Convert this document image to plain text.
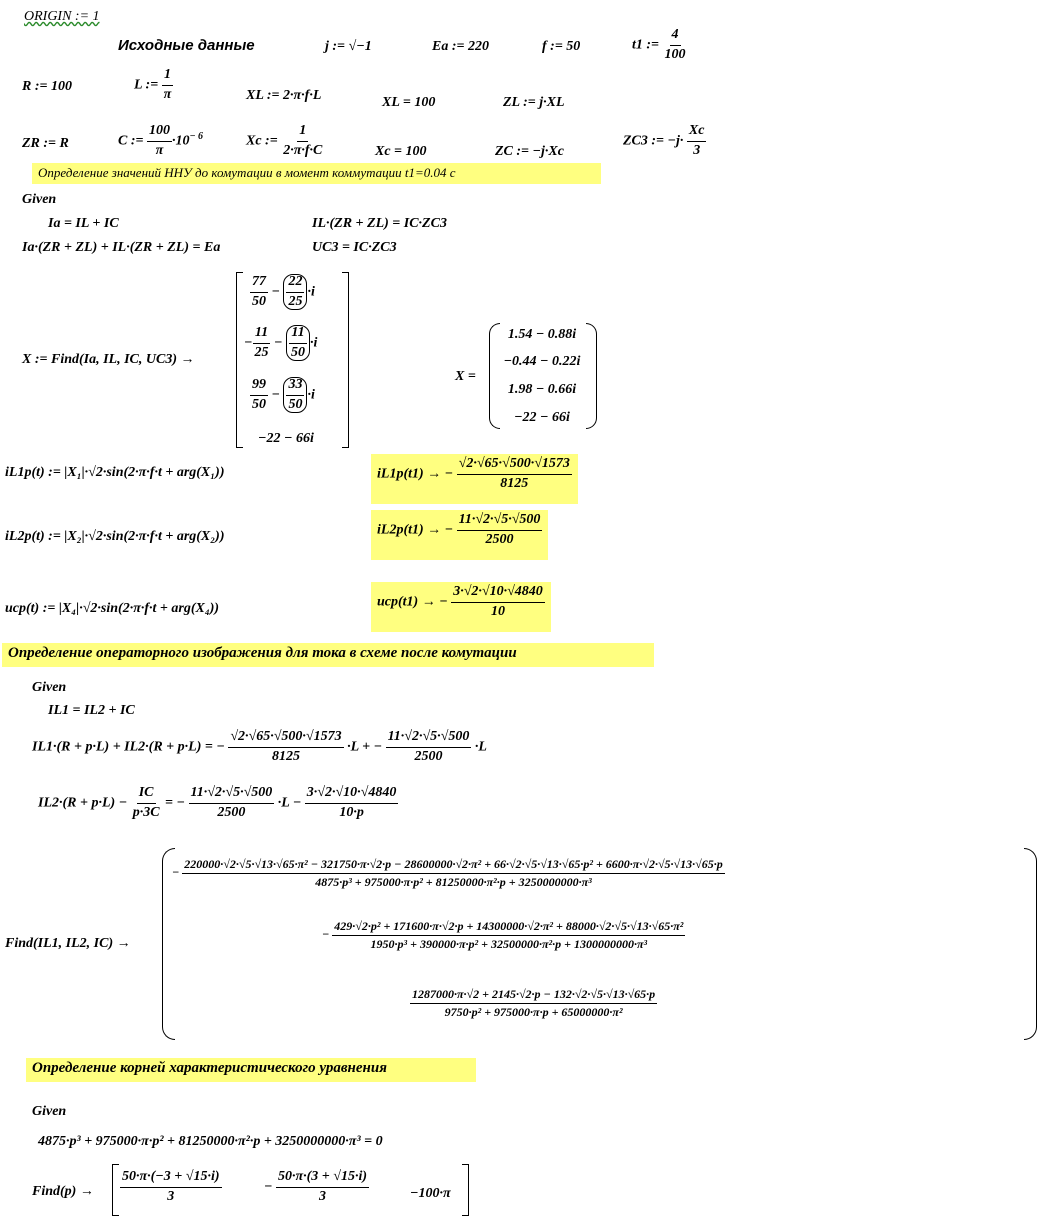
ORIGIN := 1
Исходные данные	j := √−1	Ea := 220	f := 50	t1 := $\frac{4}{100}$
R := 100	L := $\frac{1}{\pi}$	XL := 2·π·f·L	XL = 100	ZL := j·XL
ZR := R	C := $\frac{100}{\pi} \cdot 10^{- 6}$	Xc := $\frac{1}{2\cdot\pi\cdot f\cdot C}$	Xc = 100	ZC := −j·Xc
ZC3 := $-j\cdot \frac{Xc}{3}$
Определение значений ННУ до комутации в момент коммутации t1=0.04 с
Given
Ia = IL + IC	IL·(ZR + ZL) = IC·ZC3
Ia·(ZR + ZL) + IL·(ZR + ZL) = Ea	UC3 = IC·ZC3
X := Find(Ia, IL, IC, UC3) →
$\frac{77}{50} - \frac{22}{25} \cdot i$
− $\frac{11}{25} - \frac{11}{50} \cdot i$
$\frac{99}{50} - \frac{33}{50} \cdot i$
−22 − 66i
X =
1.54 − 0.88i
−0.44 − 0.22i
1.98 − 0.66i
−22 − 66i
iL1p(t) := |X₁|·√2·sin(2·π·f·t + arg(X₁))	iL1p(t1) → − $\frac{√2\cdot√65\cdot√500\cdot√1573}{8125}$
iL2p(t) := |X₂|·√2·sin(2·π·f·t + arg(X₂))	iL2p(t1) → − $\frac{11\cdot√2\cdot√5\cdot√500}{2500}$
ucp(t) := |X₄|·√2·sin(2·π·f·t + arg(X₄))	ucp(t1) → − $\frac{3\cdot√2\cdot√10\cdot√4840}{10}$
Определение операторного изображения для тока в схеме после комутации
Given
IL1 = IL2 + IC
IL1·(R + p·L) + IL2·(R + p·L) = − $\frac{√2\cdot√65\cdot√500\cdot√1573}{8125} \cdot L$ + − $\frac{11\cdot√2\cdot√5\cdot√500}{2500} \cdot L$
$IL2\cdot(R + p\cdot L) - \frac{IC}{p\cdot 3C}$ = − $\frac{11\cdot√2\cdot√5\cdot√500}{2500} \cdot L - \frac{3\cdot√2\cdot√10\cdot√4840}{10\cdot p}$
Find(IL1, IL2, IC) →
−
220000·√2·√5·√13·√65·π² − 321750·π·√2·p − 28600000·√2·π² + 66·√2·√5·√13·√65·p² + 6600·π·√2·√5·√13·√65·p
4875·p³ + 975000·π·p² + 81250000·π²·p + 3250000000·π³
−
429·√2·p² + 171600·π·√2·p + 14300000·√2·π² + 88000·√2·√5·√13·√65·π²
1950·p³ + 390000·π·p² + 32500000·π²·p + 1300000000·π³
$\frac{1287000\cdot\pi\cdot√2 + 2145\cdot√2\cdot p - 132\cdot√2\cdot√5\cdot√13\cdot√65\cdot p}{\text{9750·p² + 975000·π·p + 65000000·π²}}$
Определение корней характеристического уравнения
Given
4875·p³ + 975000·π·p² + 81250000·π²·p + 3250000000·π³ = 0
Find(p) → $\frac{50\cdot\pi\cdot(-3 + √15\cdot i)}{3}$	− $\frac{50\cdot\pi\cdot(3 + √15\cdot i)}{3}$	−100·π
